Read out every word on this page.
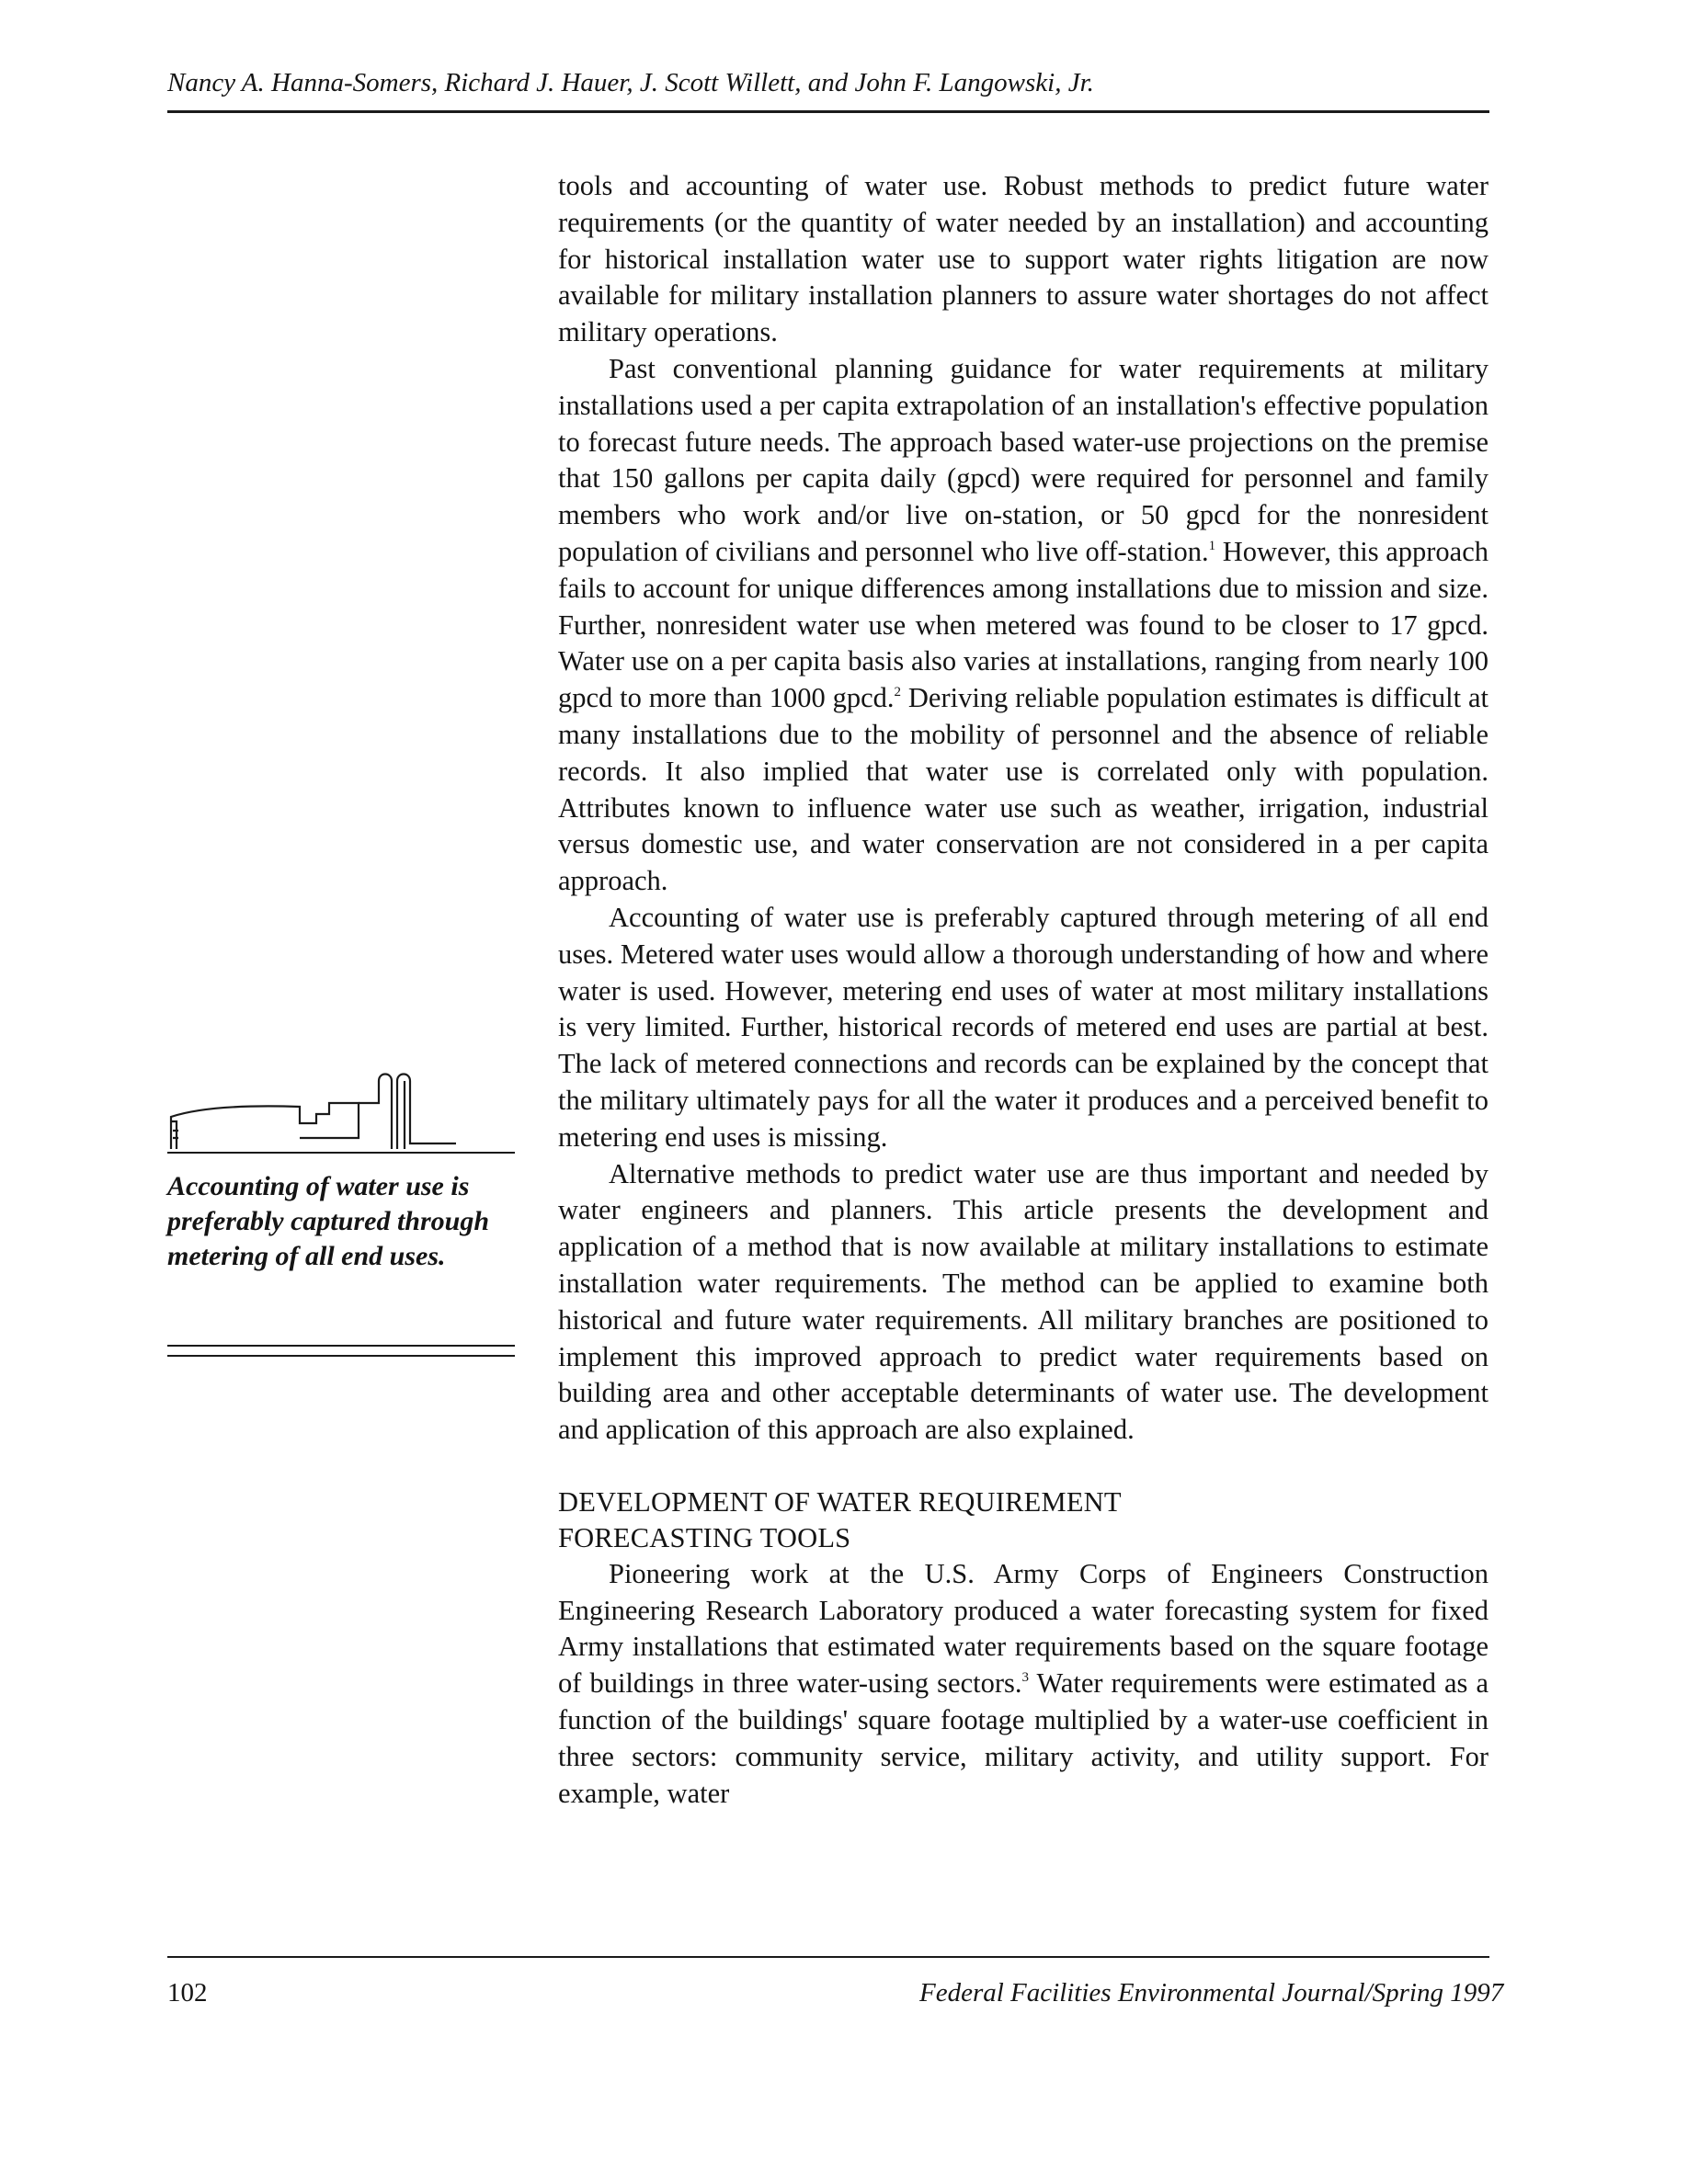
Nancy A. Hanna-Somers, Richard J. Hauer, J. Scott Willett, and John F. Langowski, Jr.

tools and accounting of water use. Robust methods to predict future water requirements (or the quantity of water needed by an installation) and accounting for historical installation water use to support water rights litigation are now available for military installation planners to assure water shortages do not affect military operations.

Past conventional planning guidance for water requirements at military installations used a per capita extrapolation of an installation's effective population to forecast future needs. The approach based water-use projections on the premise that 150 gallons per capita daily (gpcd) were required for personnel and family members who work and/or live on-station, or 50 gpcd for the nonresident population of civilians and personnel who live off-station.$^1$ However, this approach fails to account for unique differences among installations due to mission and size. Further, nonresident water use when metered was found to be closer to 17 gpcd. Water use on a per capita basis also varies at installations, ranging from nearly 100 gpcd to more than 1000 gpcd.$^2$ Deriving reliable population estimates is difficult at many installations due to the mobility of personnel and the absence of reliable records. It also implied that water use is correlated only with population. Attributes known to influence water use such as weather, irrigation, industrial versus domestic use, and water conservation are not considered in a per capita approach.

Accounting of water use is preferably captured through metering of all end uses. Metered water uses would allow a thorough understanding of how and where water is used. However, metering end uses of water at most military installations is very limited. Further, historical records of metered end uses are partial at best. The lack of metered connections and records can be explained by the concept that the military ultimately pays for all the water it produces and a perceived benefit to metering end uses is missing.

Alternative methods to predict water use are thus important and needed by water engineers and planners. This article presents the development and application of a method that is now available at military installations to estimate installation water requirements. The method can be applied to examine both historical and future water requirements. All military branches are positioned to implement this improved approach to predict water requirements based on building area and other acceptable determinants of water use. The development and application of this approach are also explained.

DEVELOPMENT OF WATER REQUIREMENT
FORECASTING TOOLS

Pioneering work at the U.S. Army Corps of Engineers Construction Engineering Research Laboratory produced a water forecasting system for fixed Army installations that estimated water requirements based on the square footage of buildings in three water-using sectors.$^3$ Water requirements were estimated as a function of the buildings' square footage multiplied by a water-use coefficient in three sectors: community service, military activity, and utility support. For example, water

Accounting of water use is preferably captured through metering of all end uses.
102	Federal Facilities Environmental Journal/Spring 1997
